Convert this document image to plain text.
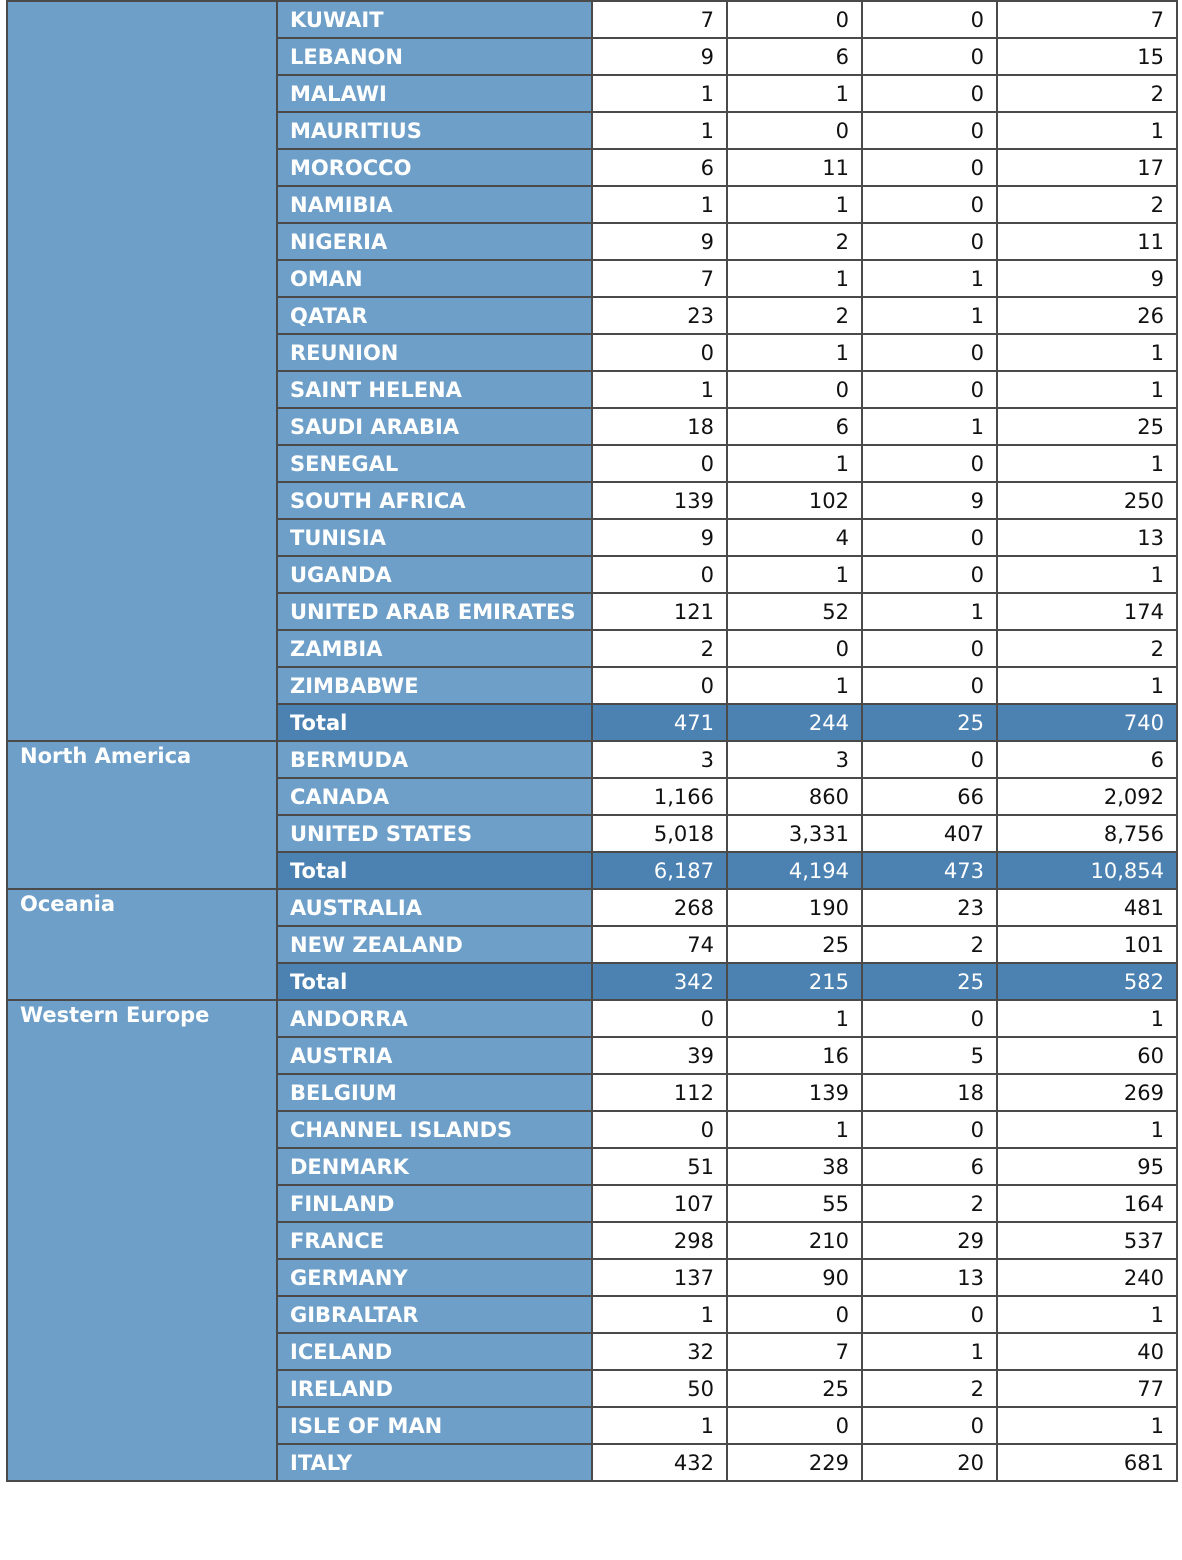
	KUWAIT	7	0	0	7
	LEBANON	9	6	0	15
	MALAWI	1	1	0	2
	MAURITIUS	1	0	0	1
	MOROCCO	6	11	0	17
	NAMIBIA	1	1	0	2
	NIGERIA	9	2	0	11
	OMAN	7	1	1	9
	QATAR	23	2	1	26
	REUNION	0	1	0	1
	SAINT HELENA	1	0	0	1
	SAUDI ARABIA	18	6	1	25
	SENEGAL	0	1	0	1
	SOUTH AFRICA	139	102	9	250
	TUNISIA	9	4	0	13
	UGANDA	0	1	0	1
	UNITED ARAB EMIRATES	121	52	1	174
	ZAMBIA	2	0	0	2
	ZIMBABWE	0	1	0	1
	Total	471	244	25	740
North America	BERMUDA	3	3	0	6
	CANADA	1,166	860	66	2,092
	UNITED STATES	5,018	3,331	407	8,756
	Total	6,187	4,194	473	10,854
Oceania	AUSTRALIA	268	190	23	481
	NEW ZEALAND	74	25	2	101
	Total	342	215	25	582
Western Europe	ANDORRA	0	1	0	1
	AUSTRIA	39	16	5	60
	BELGIUM	112	139	18	269
	CHANNEL ISLANDS	0	1	0	1
	DENMARK	51	38	6	95
	FINLAND	107	55	2	164
	FRANCE	298	210	29	537
	GERMANY	137	90	13	240
	GIBRALTAR	1	0	0	1
	ICELAND	32	7	1	40
	IRELAND	50	25	2	77
	ISLE OF MAN	1	0	0	1
	ITALY	432	229	20	681
